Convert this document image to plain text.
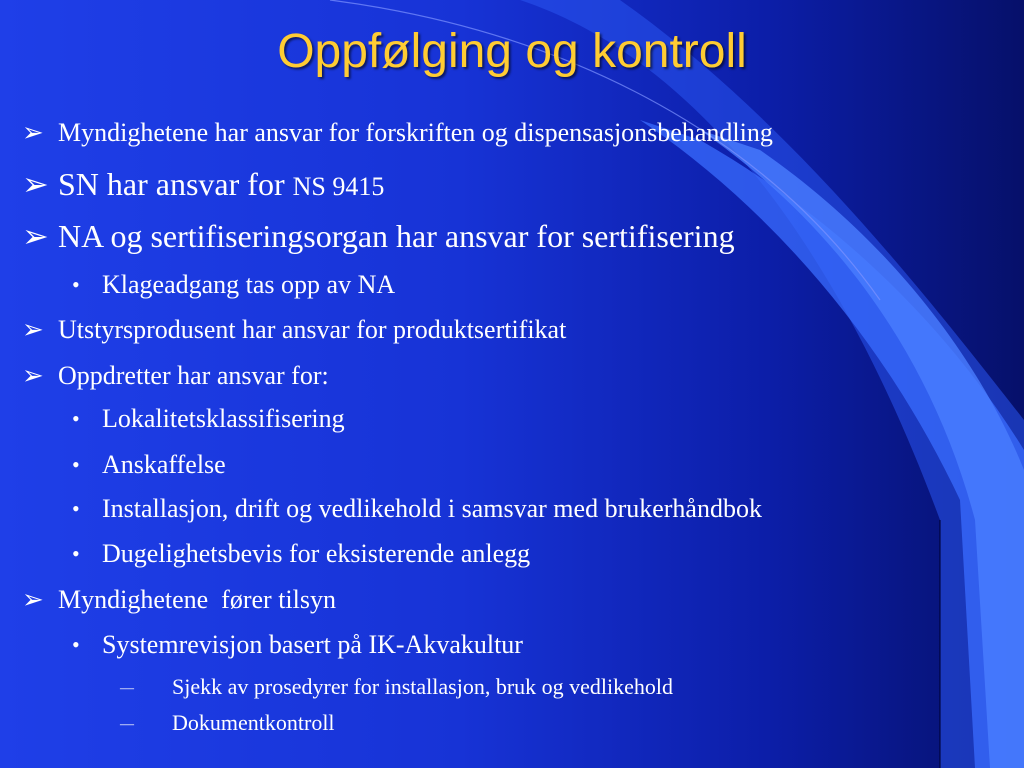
Oppfølging og kontroll
➢ Myndighetene har ansvar for forskriften og dispensasjonsbehandling
➢ SN har ansvar for NS 9415
➢ NA og sertifiseringsorgan har ansvar for sertifisering
• Klageadgang tas opp av NA
➢ Utstyrsprodusent har ansvar for produktsertifikat
➢ Oppdretter har ansvar for:
• Lokalitetsklassifisering
• Anskaffelse
• Installasjon, drift og vedlikehold i samsvar med brukerhåndbok
• Dugelighetsbevis for eksisterende anlegg
➢ Myndighetene  fører tilsyn
• Systemrevisjon basert på IK-Akvakultur
— Sjekk av prosedyrer for installasjon, bruk og vedlikehold
— Dokumentkontroll
